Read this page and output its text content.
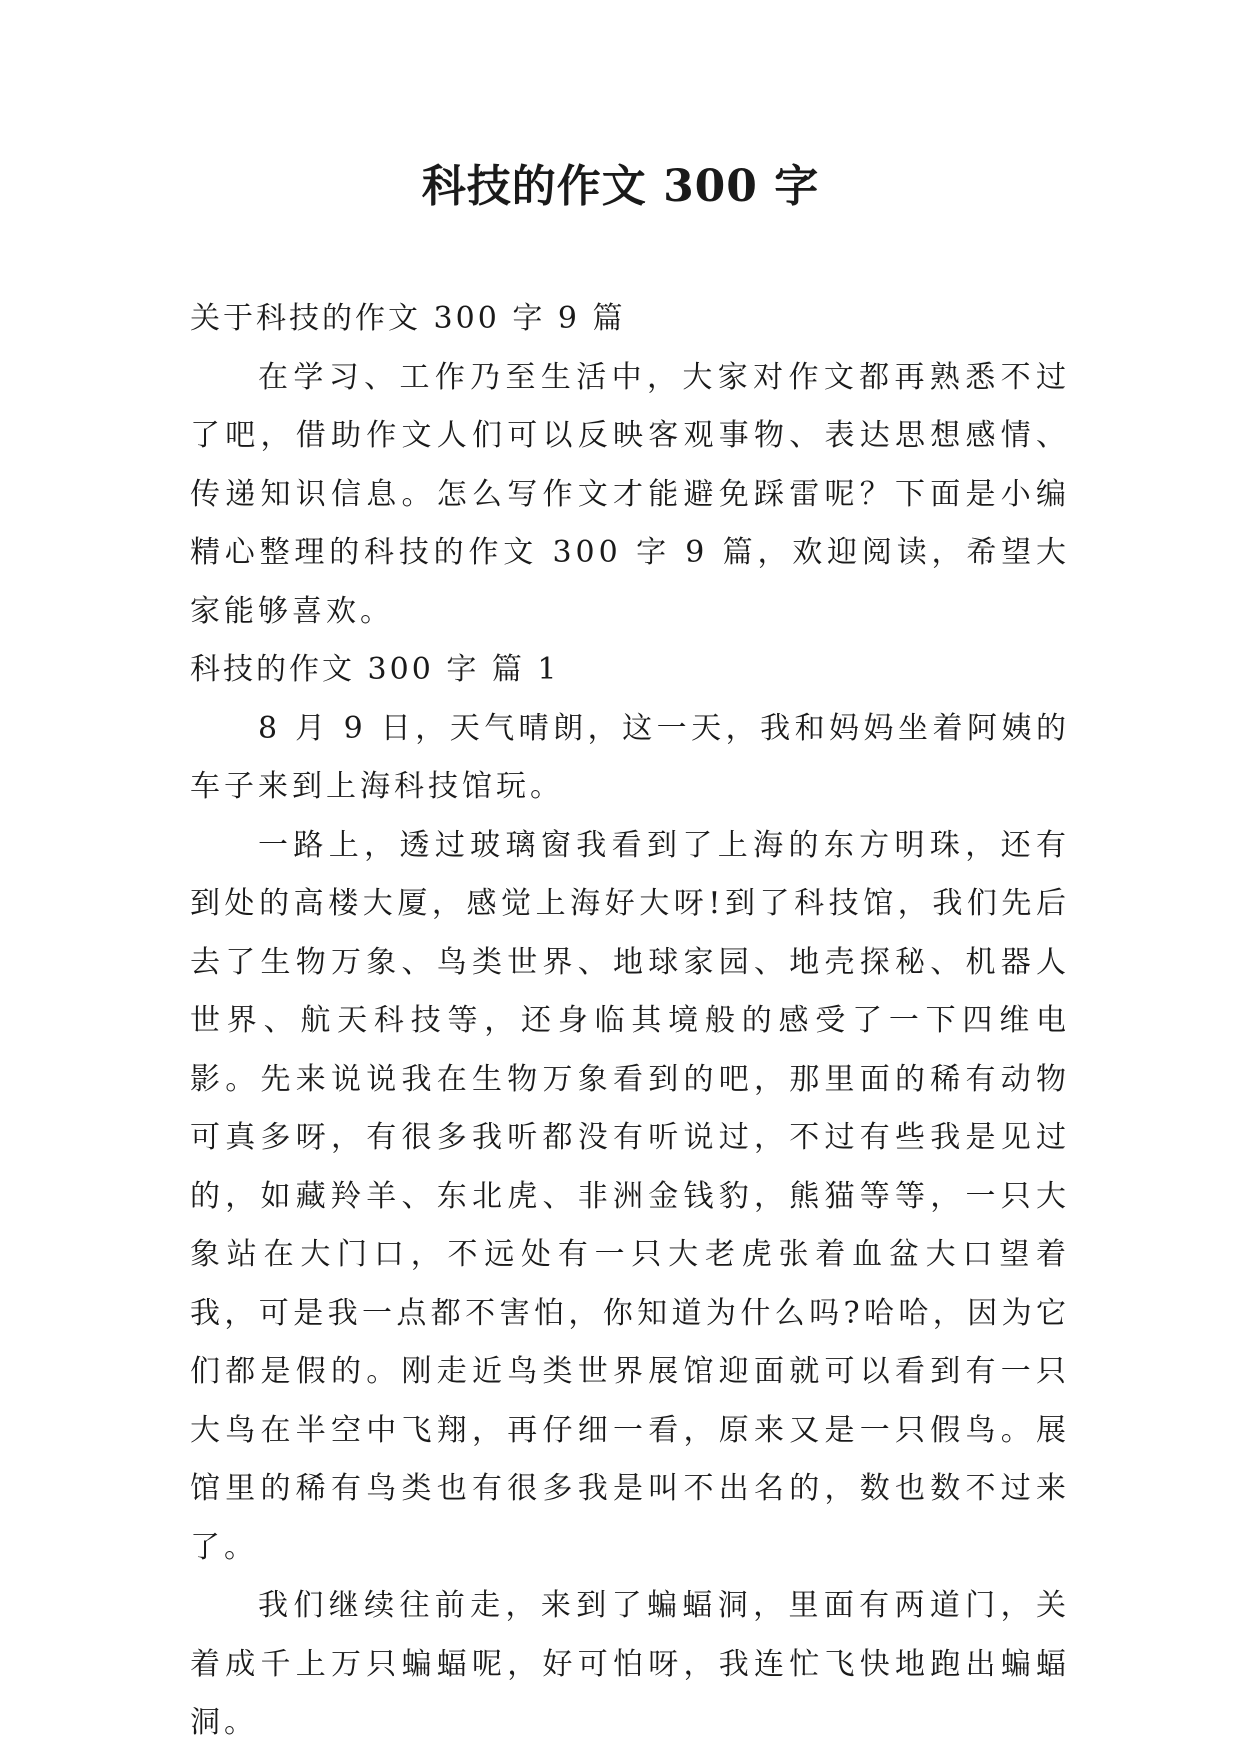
科技的作文 300 字

关于科技的作文 300 字 9 篇

在学习、工作乃至生活中，大家对作文都再熟悉不过了吧，借助作文人们可以反映客观事物、表达思想感情、传递知识信息。怎么写作文才能避免踩雷呢？下面是小编精心整理的科技的作文 300 字 9 篇，欢迎阅读，希望大家能够喜欢。

科技的作文 300 字 篇 1

8 月 9 日，天气晴朗，这一天，我和妈妈坐着阿姨的车子来到上海科技馆玩。

一路上，透过玻璃窗我看到了上海的东方明珠，还有到处的高楼大厦，感觉上海好大呀!到了科技馆，我们先后去了生物万象、鸟类世界、地球家园、地壳探秘、机器人世界、航天科技等，还身临其境般的感受了一下四维电影。先来说说我在生物万象看到的吧，那里面的稀有动物可真多呀，有很多我听都没有听说过，不过有些我是见过的，如藏羚羊、东北虎、非洲金钱豹，熊猫等等，一只大象站在大门口，不远处有一只大老虎张着血盆大口望着我，可是我一点都不害怕，你知道为什么吗?哈哈，因为它们都是假的。刚走近鸟类世界展馆迎面就可以看到有一只大鸟在半空中飞翔，再仔细一看，原来又是一只假鸟。展馆里的稀有鸟类也有很多我是叫不出名的，数也数不过来了。

我们继续往前走，来到了蝙蝠洞，里面有两道门，关着成千上万只蝙蝠呢，好可怕呀，我连忙飞快地跑出蝙蝠洞。
